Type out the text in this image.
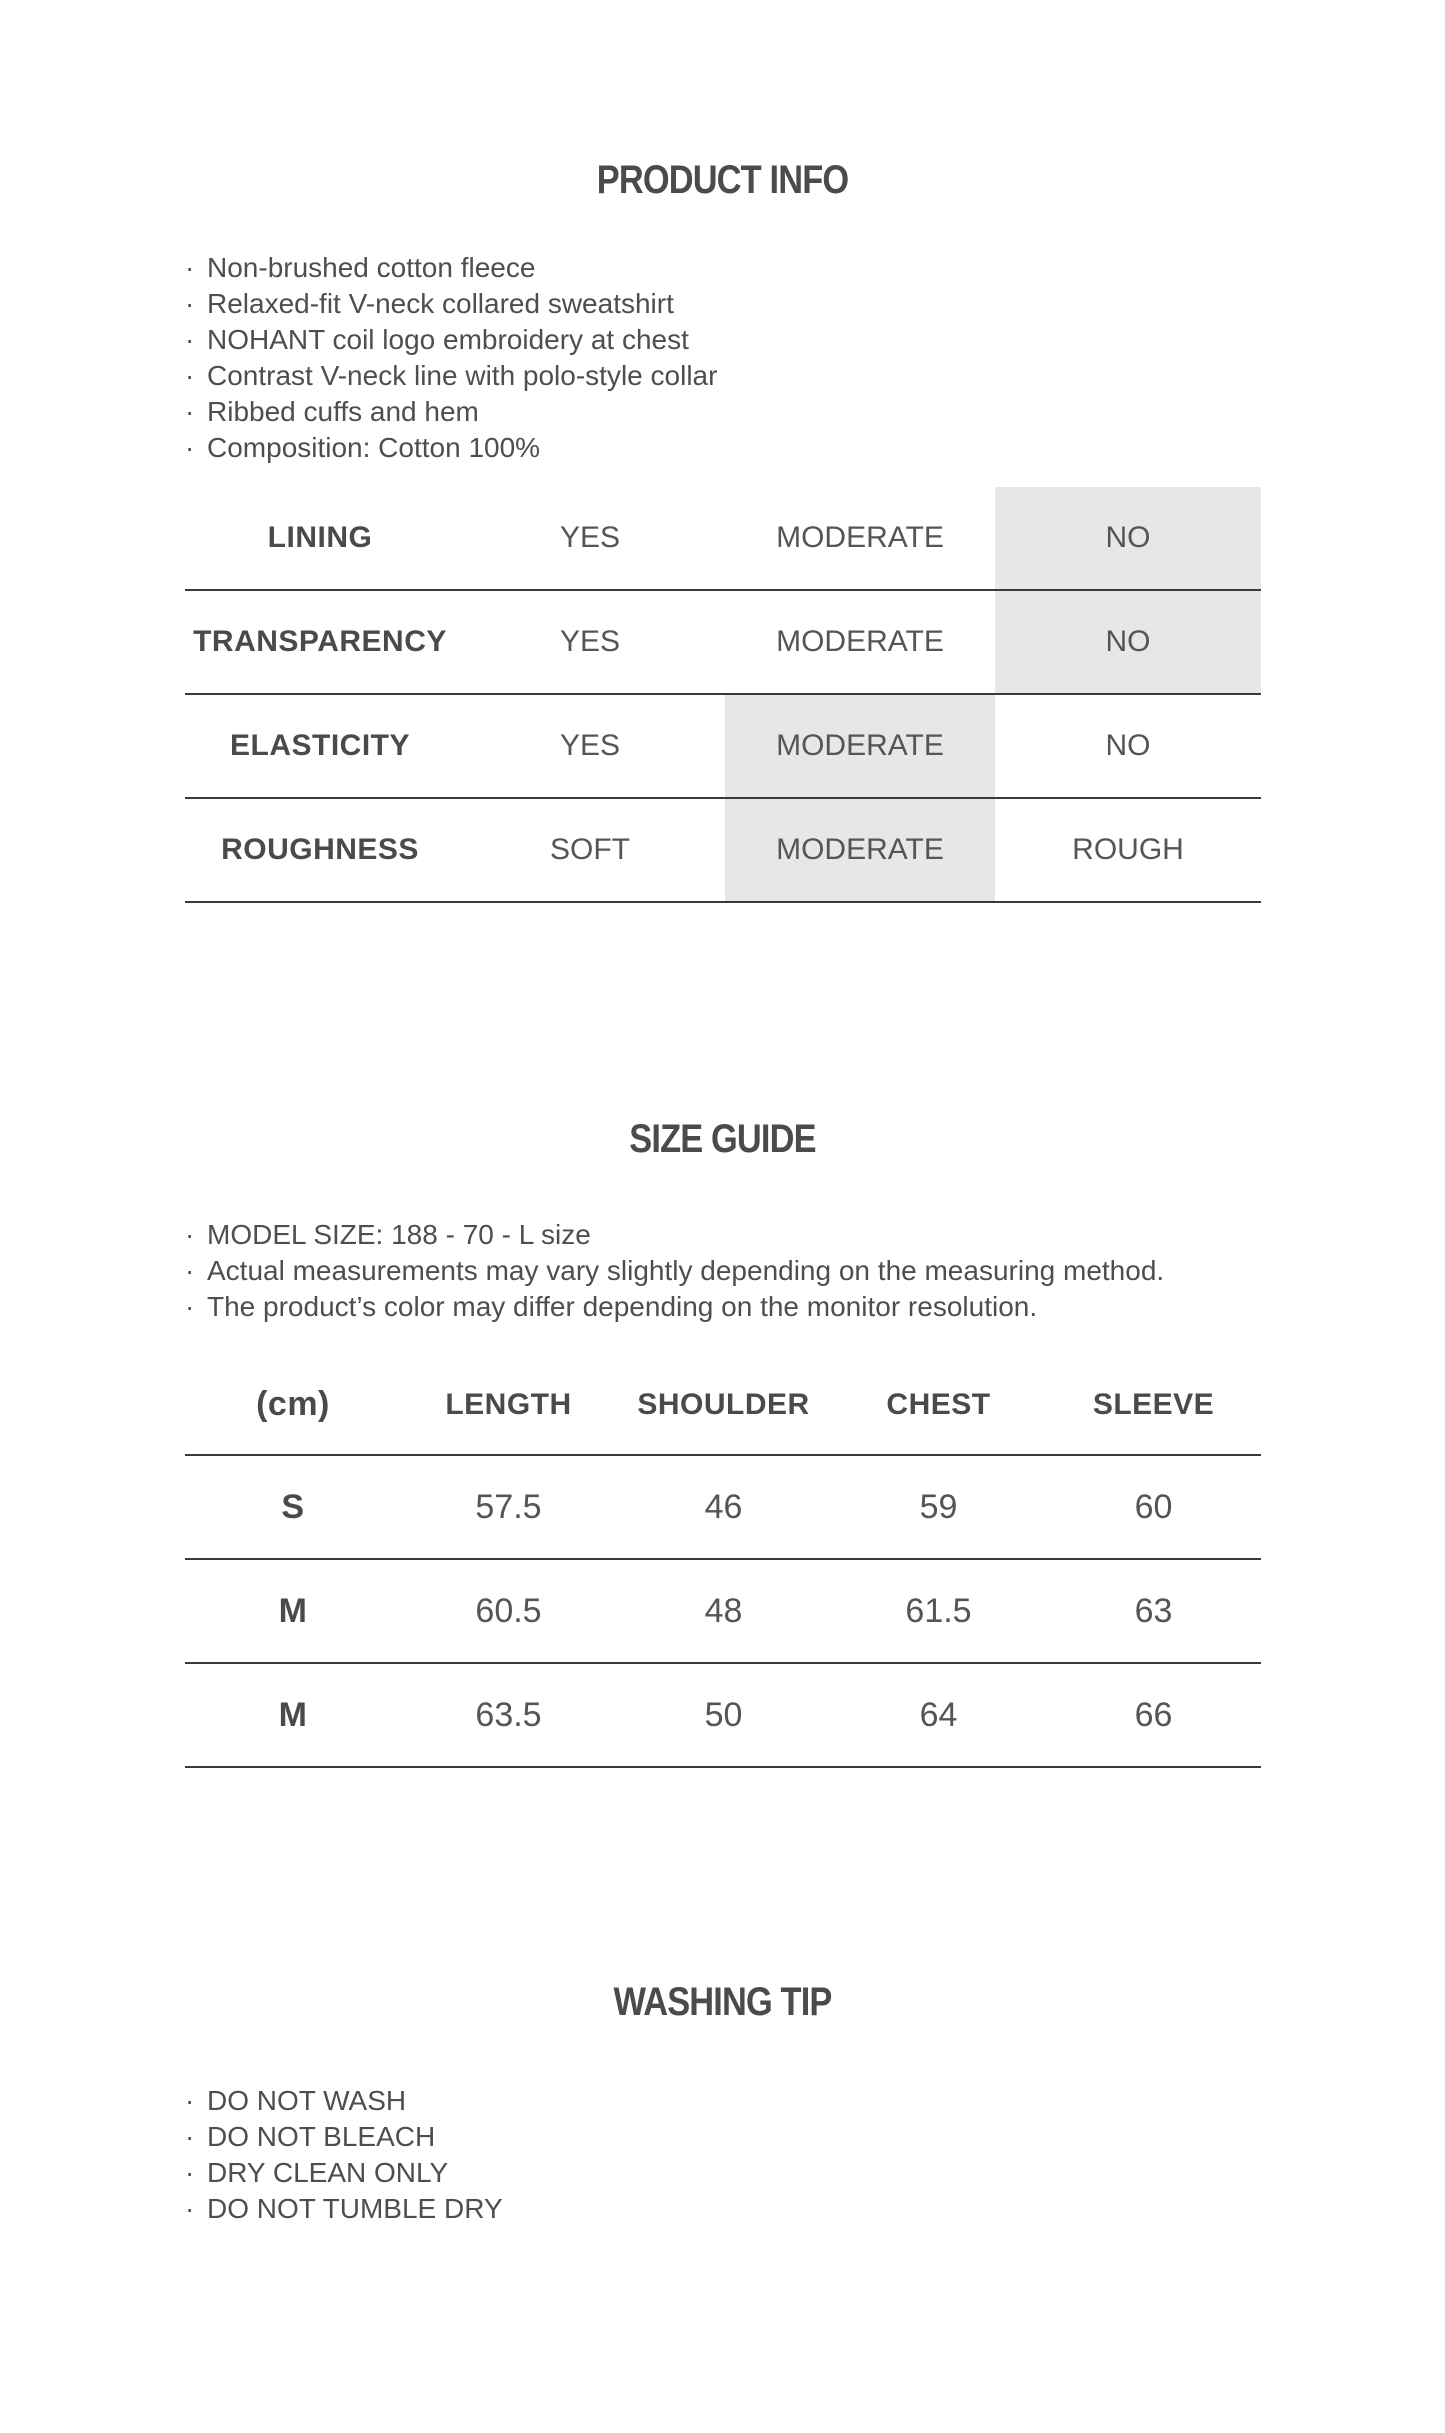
PRODUCT INFO
· Non-brushed cotton fleece
· Relaxed-fit V-neck collared sweatshirt
· NOHANT coil logo embroidery at chest
· Contrast V-neck line with polo-style collar
· Ribbed cuffs and hem
· Composition: Cotton 100%
LINING	YES	MODERATE	NO
TRANSPARENCY	YES	MODERATE	NO
ELASTICITY	YES	MODERATE	NO
ROUGHNESS	SOFT	MODERATE	ROUGH
SIZE GUIDE
· MODEL SIZE: 188 - 70 - L size
· Actual measurements may vary slightly depending on the measuring method.
· The product’s color may differ depending on the monitor resolution.
(cm)	LENGTH	SHOULDER	CHEST	SLEEVE
S	57.5	46	59	60
M	60.5	48	61.5	63
M	63.5	50	64	66
WASHING TIP
· DO NOT WASH
· DO NOT BLEACH
· DRY CLEAN ONLY
· DO NOT TUMBLE DRY
